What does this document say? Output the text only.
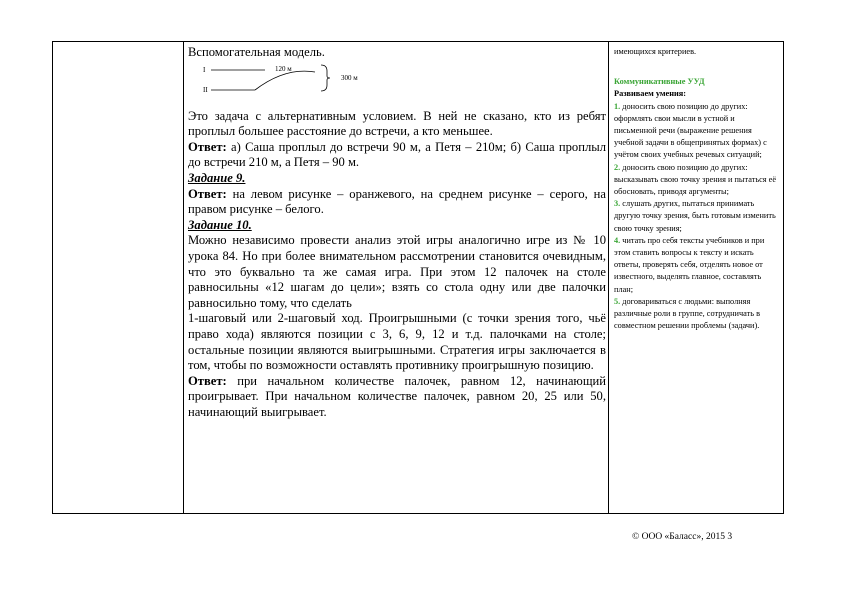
Вспомогательная модель.

I
II
120 м
300 м

Это задача с альтернативным условием. В ней не сказано, кто из ребят проплыл большее расстояние до встречи, а кто меньшее.

Ответ: а) Саша проплыл до встречи 90 м, а Петя – 210м; б) Саша проплыл до встречи 210 м, а Петя – 90 м.

Задание 9.

Ответ: на левом рисунке – оранжевого, на среднем рисунке – серого, на правом рисунке – белого.

Задание 10.

Можно независимо провести анализ этой игры аналогично игре из № 10 урока 84. Но при более внимательном рассмотрении становится очевидным, что это буквально та же самая игра. При этом 12 палочек на столе равносильны «12 шагам до цели»; взять со стола одну или две палочки равносильно тому, что сделать

1-шаговый или 2-шаговый ход. Проигрышными (с точки зрения того, чьё право хода) являются позиции с 3, 6, 9, 12 и т.д. палочками на столе; остальные позиции являются выигрышными. Стратегия игры заключается в том, чтобы по возможности оставлять противнику проигрышную позицию.

Ответ: при начальном количестве палочек, равном 12, начинающий проигрывает. При начальном количестве палочек, равном 20, 25 или 50, начинающий выигрывает.

имеющихся критериев.

Коммуникативные УУД

Развиваем умения:

1. доносить свою позицию до других: оформлять свои мысли в устной и письменной речи (выражение решения учебной задачи в общепринятых формах) с учётом своих учебных речевых ситуаций;

2. доносить свою позицию до других: высказывать свою точку зрения и пытаться её обосновать, приводя аргументы;

3. слушать других, пытаться принимать другую точку зрения, быть готовым изменить свою точку зрения;

4. читать про себя тексты учебников и при этом ставить вопросы к тексту и искать ответы, проверять себя, отделять новое от известного, выделять главное, составлять план;

5. договариваться с людьми: выполняя различные роли в группе, сотрудничать в совместном решении проблемы (задачи).

© ООО «Баласс», 2015 3
